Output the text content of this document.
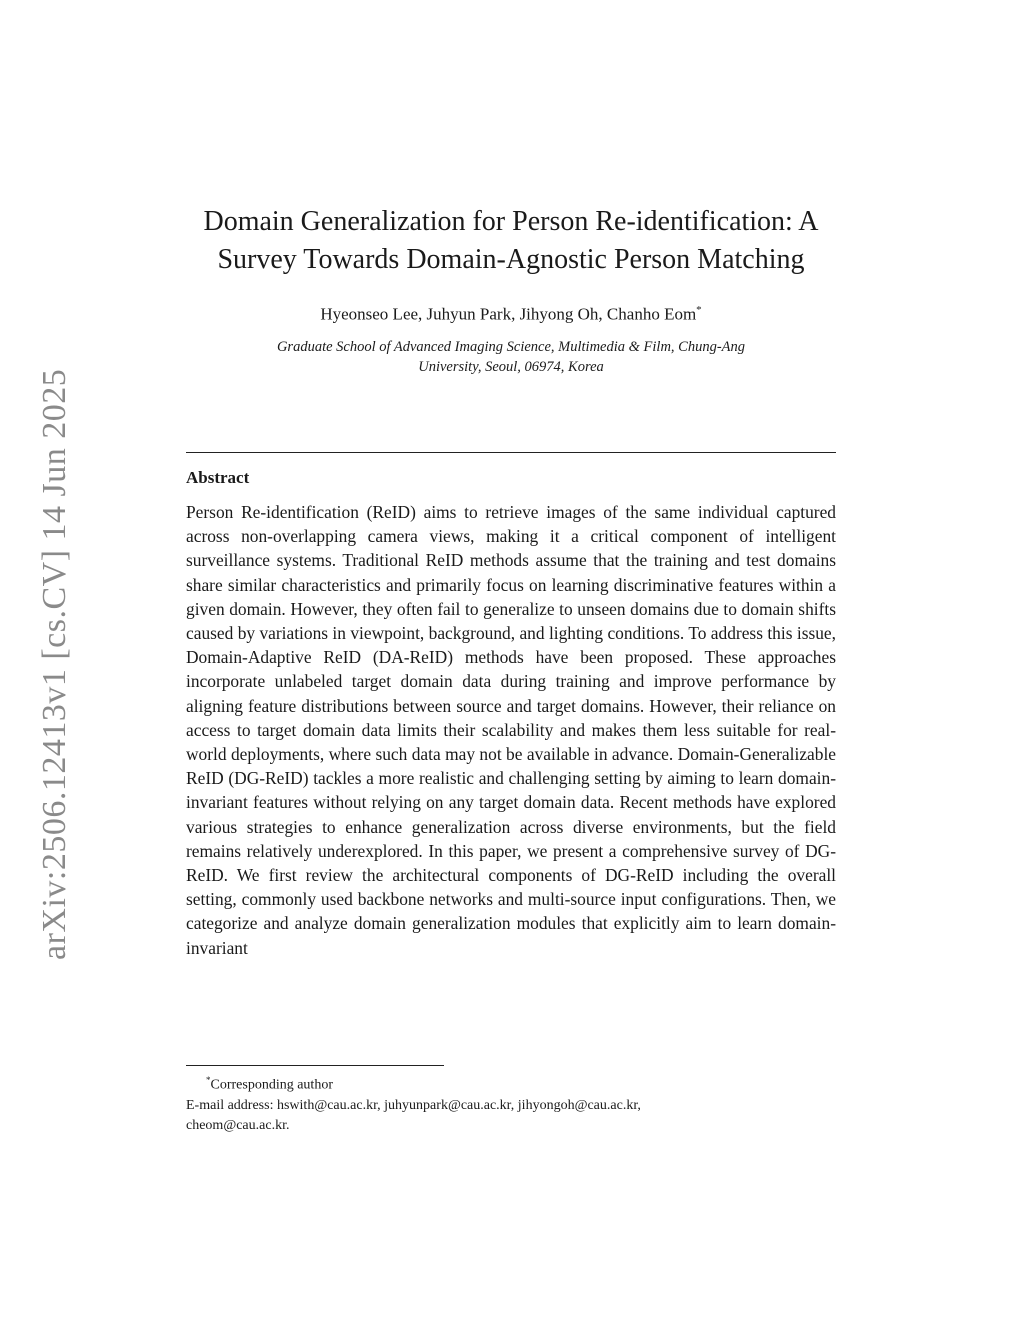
arXiv:2506.12413v1 [cs.CV] 14 Jun 2025
Domain Generalization for Person Re-identification: A
Survey Towards Domain-Agnostic Person Matching
Hyeonseo Lee, Juhyun Park, Jihyong Oh, Chanho Eom*
Graduate School of Advanced Imaging Science, Multimedia & Film, Chung-Ang
University, Seoul, 06974, Korea
Abstract

Person Re-identification (ReID) aims to retrieve images of the same individual captured across non-overlapping camera views, making it a critical component of intelligent surveillance systems. Traditional ReID methods assume that the training and test domains share similar characteristics and primarily focus on learning discriminative features within a given domain. However, they often fail to generalize to unseen domains due to domain shifts caused by variations in viewpoint, background, and lighting conditions. To address this issue, Domain-Adaptive ReID (DA-ReID) methods have been proposed. These approaches incorporate unlabeled target domain data during training and improve performance by aligning feature distributions between source and target domains. However, their reliance on access to target domain data limits their scalability and makes them less suitable for real-world deployments, where such data may not be available in advance. Domain-Generalizable ReID (DG-ReID) tackles a more realistic and challenging setting by aiming to learn domain-invariant features without relying on any target domain data. Recent methods have explored various strategies to enhance generalization across diverse environments, but the field remains relatively underexplored. In this paper, we present a comprehensive survey of DG-ReID. We first review the architectural components of DG-ReID including the overall setting, commonly used backbone networks and multi-source input configurations. Then, we categorize and analyze domain generalization modules that explicitly aim to learn domain-invariant

*Corresponding author
E-mail address: hswith@cau.ac.kr, juhyunpark@cau.ac.kr, jihyongoh@cau.ac.kr,
cheom@cau.ac.kr.
